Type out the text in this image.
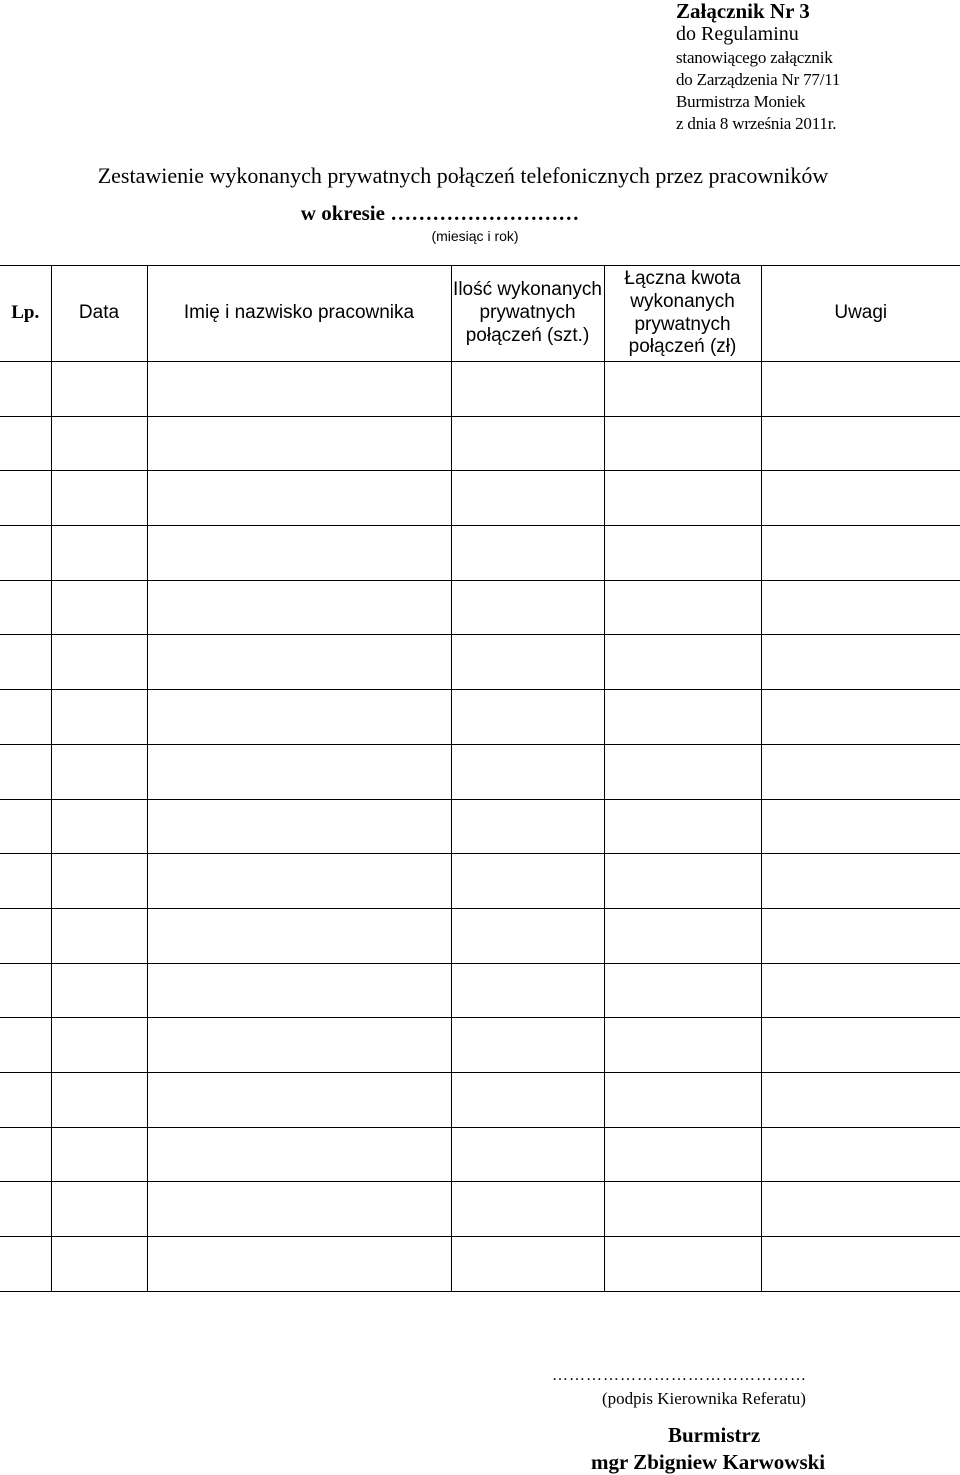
Załącznik Nr 3
do Regulaminu
stanowiącego załącznik
do Zarządzenia Nr 77/11
Burmistrza Moniek
z dnia 8 września 2011r.
Zestawienie wykonanych prywatnych połączeń telefonicznych przez pracowników
w okresie ………………………
(miesiąc i rok)
Lp.	Data	Imię i nazwisko pracownika	Ilość wykonanych prywatnych połączeń (szt.)	Łączna kwota wykonanych prywatnych połączeń (zł)	Uwagi

………………………………………
(podpis Kierownika Referatu)
Burmistrz
mgr Zbigniew Karwowski
